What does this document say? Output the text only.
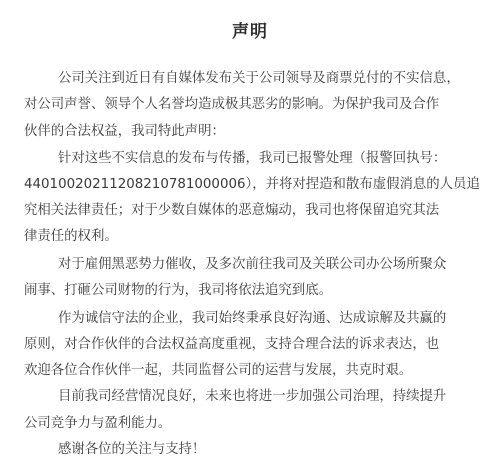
声明
公司关注到近日有自媒体发布关于公司领导及商票兑付的不实信息，
对公司声誉、领导个人名誉均造成极其恶劣的影响。为保护我司及合作
伙伴的合法权益，我司特此声明：
针对这些不实信息的发布与传播，我司已报警处理（报警回执号：
44010020211208210781000006），并将对捏造和散布虚假消息的人员追
究相关法律责任；对于少数自媒体的恶意煽动，我司也将保留追究其法
律责任的权利。
对于雇佣黑恶势力催收，及多次前往我司及关联公司办公场所聚众
闹事、打砸公司财物的行为，我司将依法追究到底。
作为诚信守法的企业，我司始终秉承良好沟通、达成谅解及共赢的
原则，对合作伙伴的合法权益高度重视，支持合理合法的诉求表达，也
欢迎各位合作伙伴一起，共同监督公司的运营与发展，共克时艰。
目前我司经营情况良好，未来也将进一步加强公司治理，持续提升
公司竞争力与盈利能力。
感谢各位的关注与支持！
